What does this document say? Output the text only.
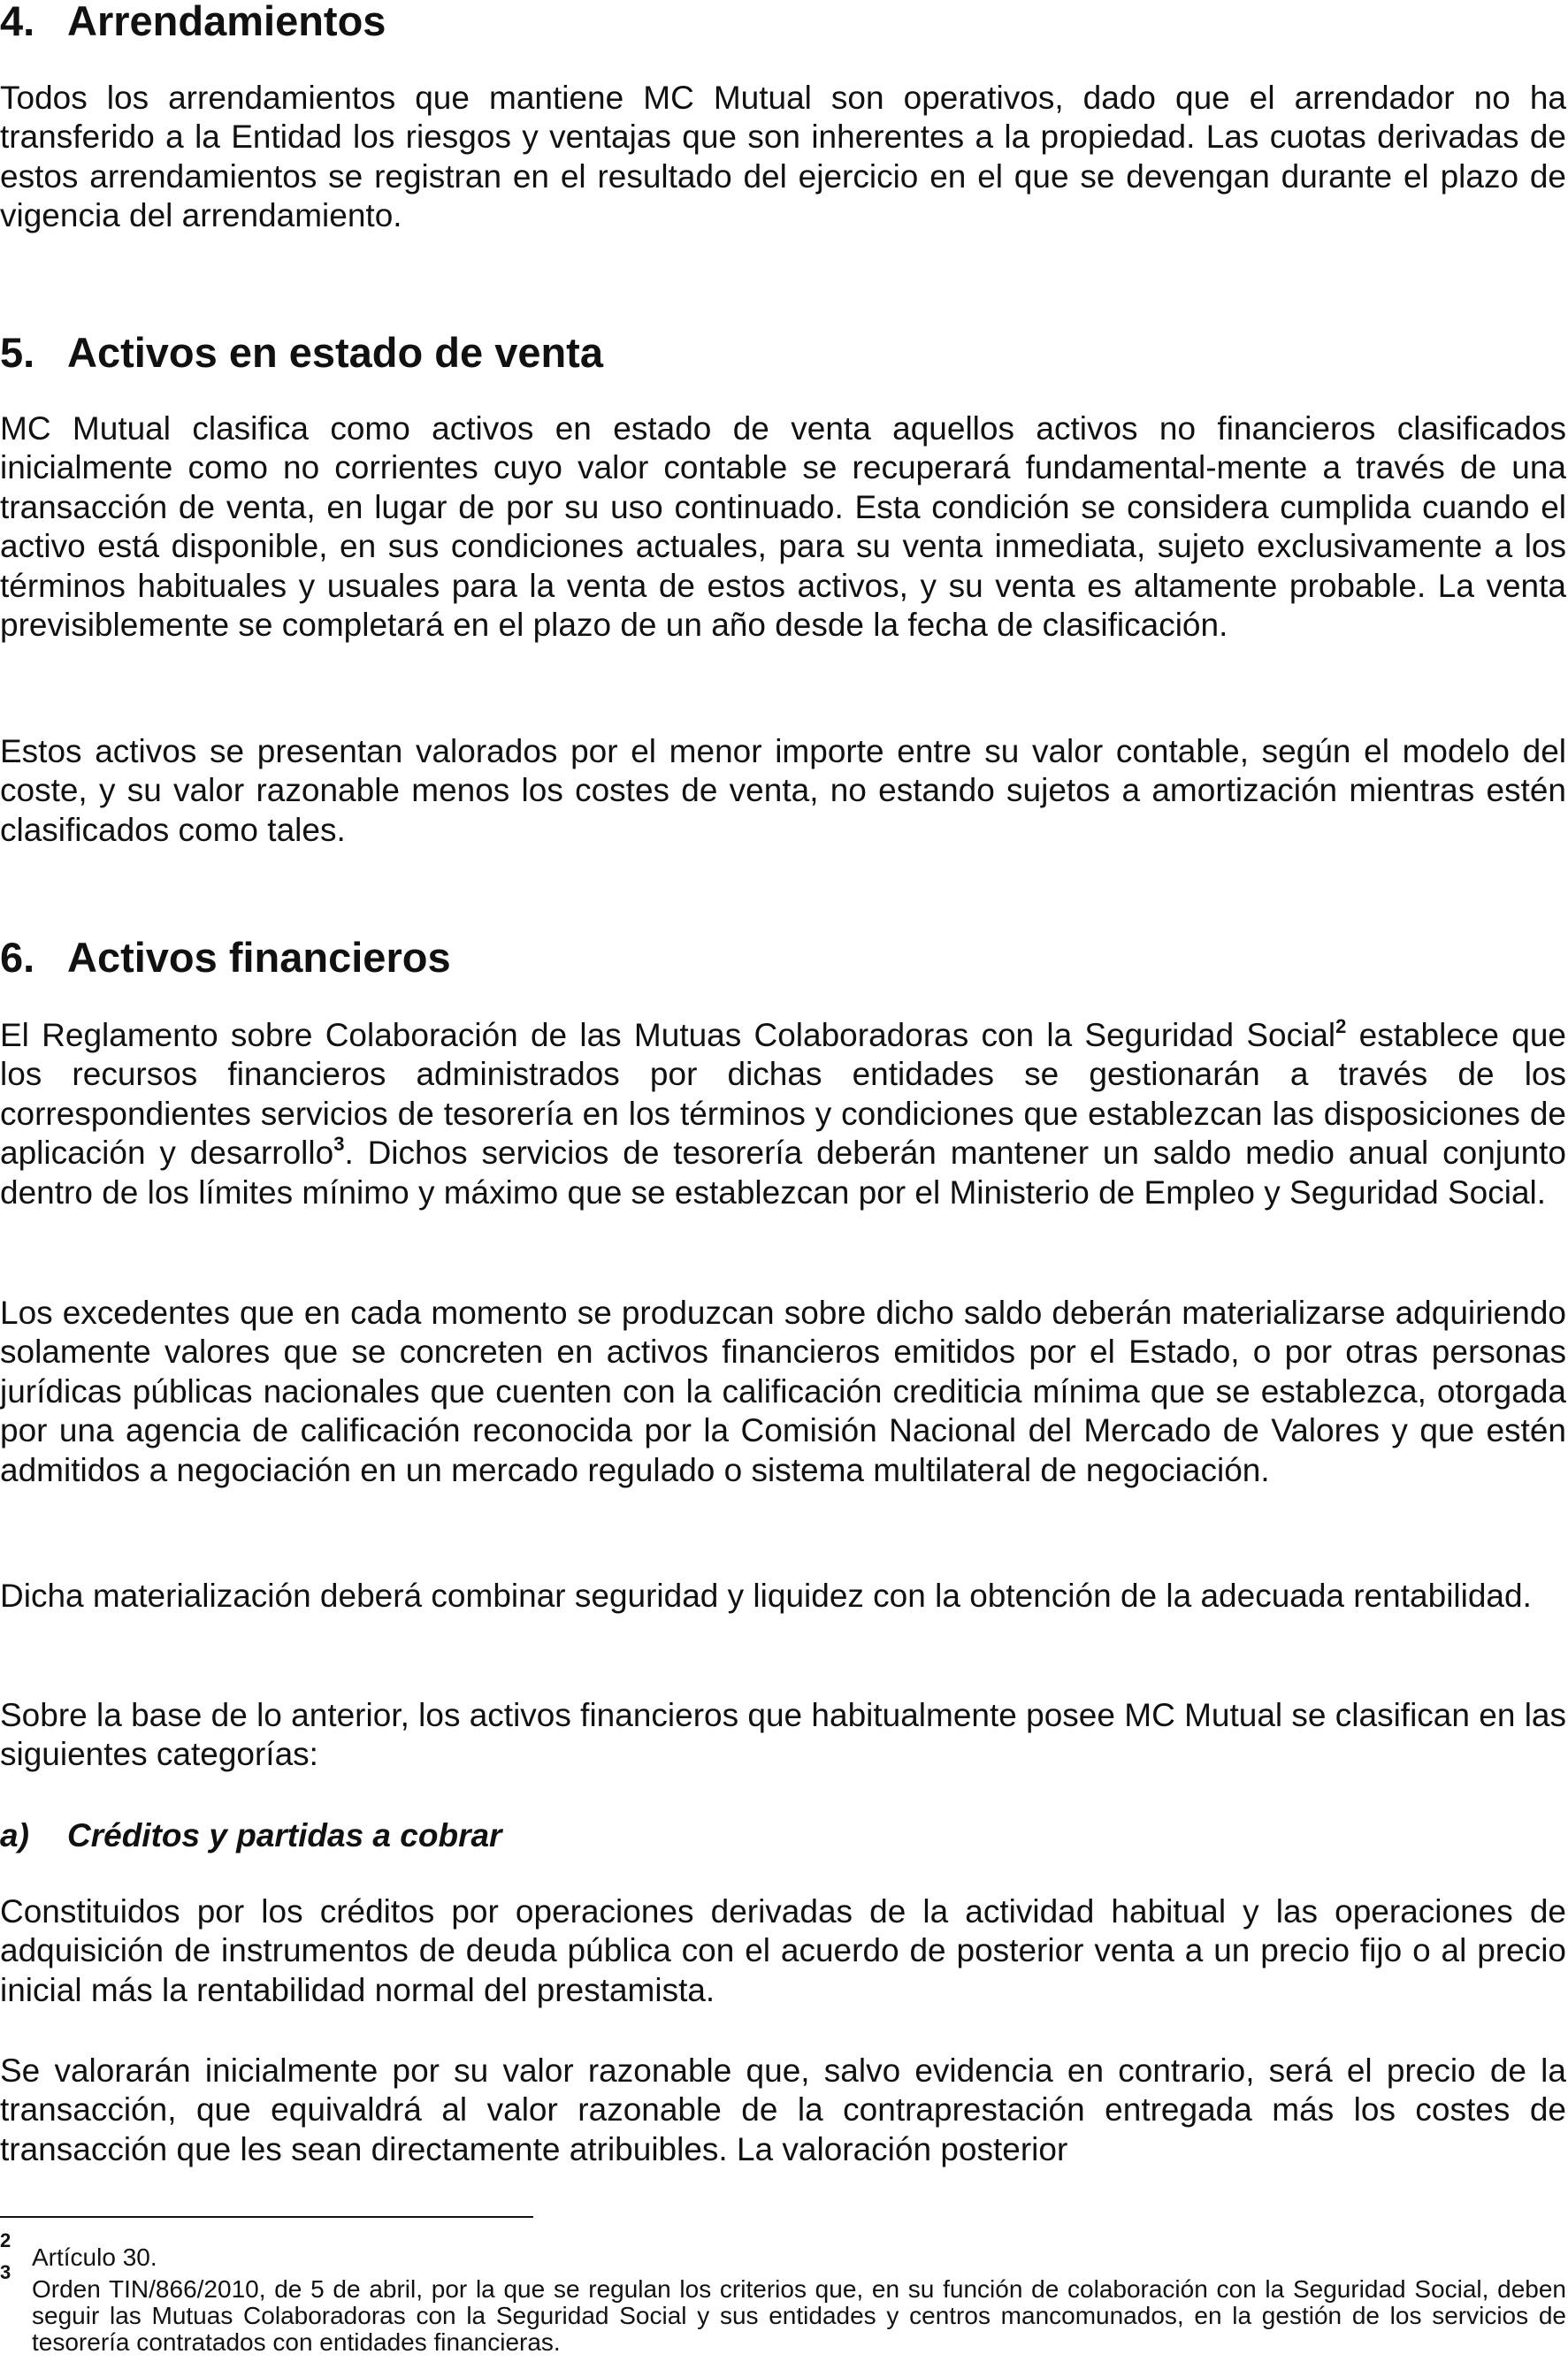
4. Arrendamientos

Todos los arrendamientos que mantiene MC Mutual son operativos, dado que el arrendador no ha transferido a la Entidad los riesgos y ventajas que son inherentes a la propiedad. Las cuotas derivadas de estos arrendamientos se registran en el resultado del ejercicio en el que se devengan durante el plazo de vigencia del arrendamiento.

5. Activos en estado de venta

MC Mutual clasifica como activos en estado de venta aquellos activos no financieros clasificados inicialmente como no corrientes cuyo valor contable se recuperará fundamental-mente a través de una transacción de venta, en lugar de por su uso continuado. Esta condición se considera cumplida cuando el activo está disponible, en sus condiciones actuales, para su venta inmediata, sujeto exclusivamente a los términos habituales y usuales para la venta de estos activos, y su venta es altamente probable. La venta previsiblemente se completará en el plazo de un año desde la fecha de clasificación.

Estos activos se presentan valorados por el menor importe entre su valor contable, según el modelo del coste, y su valor razonable menos los costes de venta, no estando sujetos a amortización mientras estén clasificados como tales.

6. Activos financieros

El Reglamento sobre Colaboración de las Mutuas Colaboradoras con la Seguridad Social$^2$ establece que los recursos financieros administrados por dichas entidades se gestionarán a través de los correspondientes servicios de tesorería en los términos y condiciones que establezcan las disposiciones de aplicación y desarrollo$^3$. Dichos servicios de tesorería deberán mantener un saldo medio anual conjunto dentro de los límites mínimo y máximo que se establezcan por el Ministerio de Empleo y Seguridad Social.

Los excedentes que en cada momento se produzcan sobre dicho saldo deberán materializarse adquiriendo solamente valores que se concreten en activos financieros emitidos por el Estado, o por otras personas jurídicas públicas nacionales que cuenten con la calificación crediticia mínima que se establezca, otorgada por una agencia de calificación reconocida por la Comisión Nacional del Mercado de Valores y que estén admitidos a negociación en un mercado regulado o sistema multilateral de negociación.

Dicha materialización deberá combinar seguridad y liquidez con la obtención de la adecuada rentabilidad.

Sobre la base de lo anterior, los activos financieros que habitualmente posee MC Mutual se clasifican en las siguientes categorías:

a) Créditos y partidas a cobrar

Constituidos por los créditos por operaciones derivadas de la actividad habitual y las operaciones de adquisición de instrumentos de deuda pública con el acuerdo de posterior venta a un precio fijo o al precio inicial más la rentabilidad normal del prestamista.

Se valorarán inicialmente por su valor razonable que, salvo evidencia en contrario, será el precio de la transacción, que equivaldrá al valor razonable de la contraprestación entregada más los costes de transacción que les sean directamente atribuibles. La valoración posterior

2
Artículo 30.
3
Orden TIN/866/2010, de 5 de abril, por la que se regulan los criterios que, en su función de colaboración con la Seguridad Social, deben seguir las Mutuas Colaboradoras con la Seguridad Social y sus entidades y centros mancomunados, en la gestión de los servicios de tesorería contratados con entidades financieras.
